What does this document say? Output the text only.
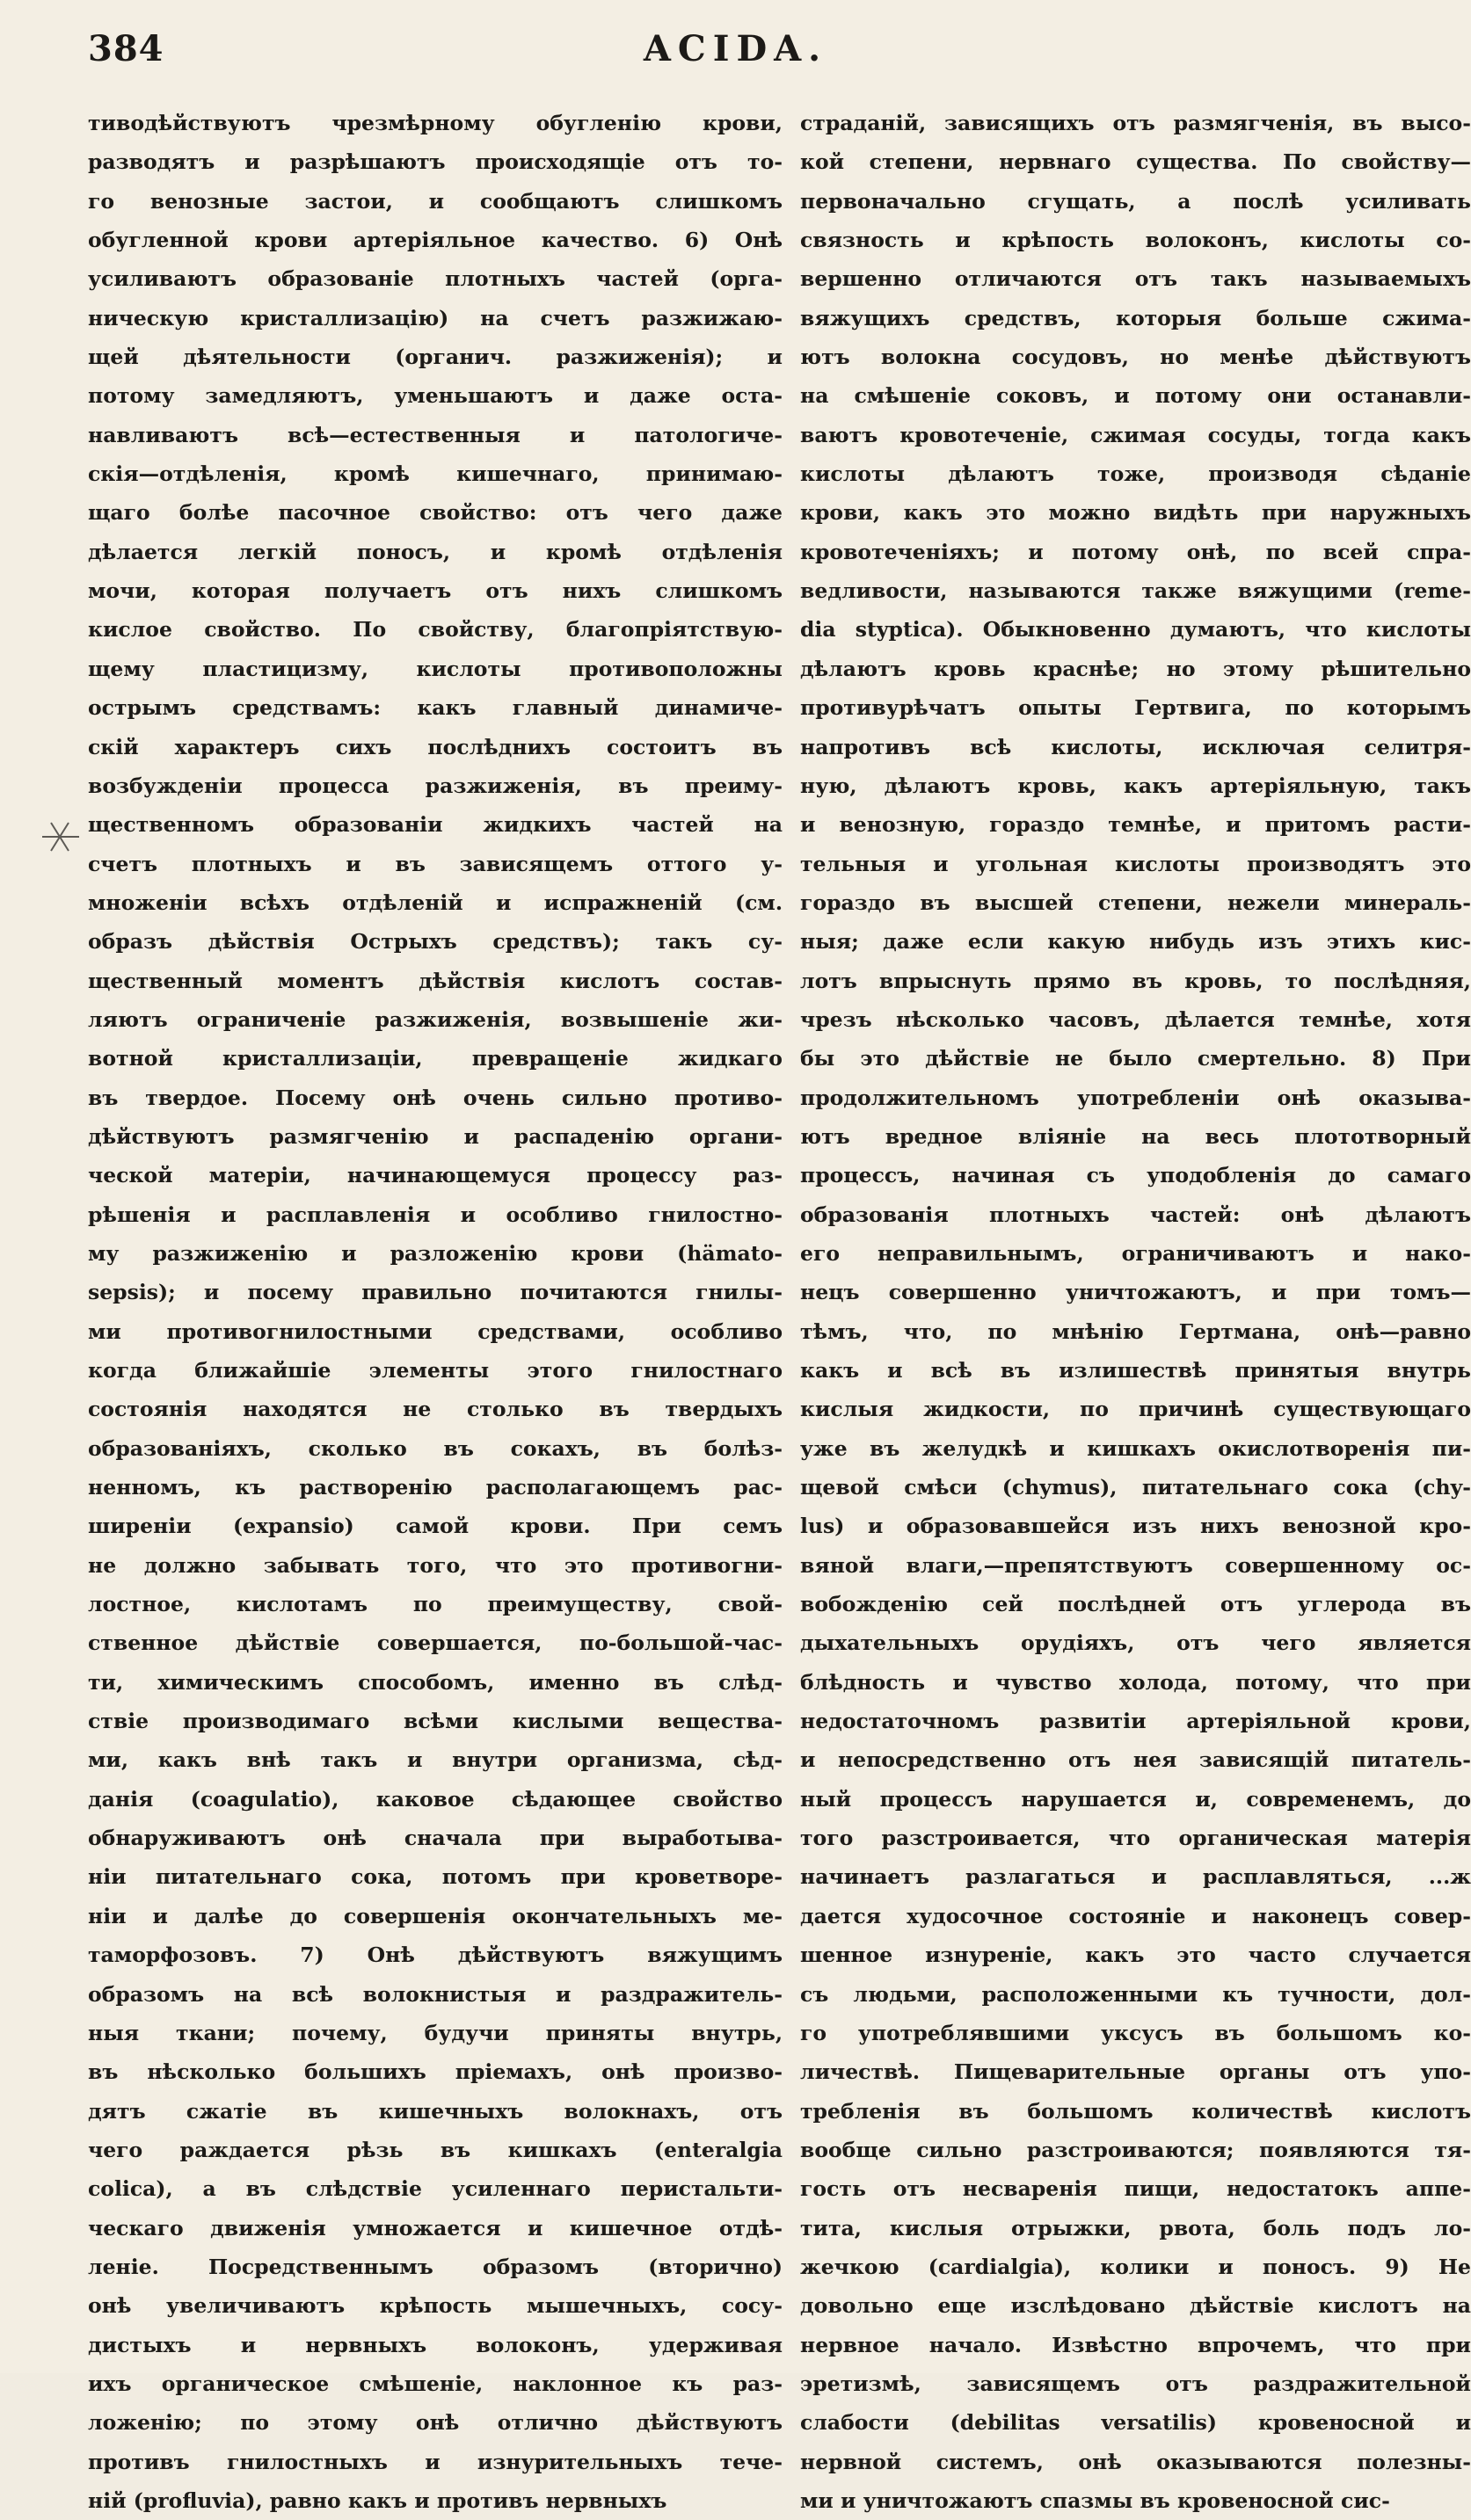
384	ACIDA.
тиводѣйствуютъ чрезмѣрному обугленію крови,
разводятъ и разрѣшаютъ происходящіе отъ то-
го венозные застои, и сообщаютъ слишкомъ
обугленной крови артеріяльное качество. 6) Онѣ
усиливаютъ образованіе плотныхъ частей (орга-
ническую кристаллизацію) на счетъ разжижаю-
щей дѣятельности (органич. разжиженія); и
потому замедляютъ, уменьшаютъ и даже оста-
навливаютъ всѣ—естественныя и патологиче-
скія—отдѣленія, кромѣ кишечнаго, принимаю-
щаго болѣе пасочное свойство: отъ чего даже
дѣлается легкій поносъ, и кромѣ отдѣленія
мочи, которая получаетъ отъ нихъ слишкомъ
кислое свойство. По свойству, благопріятствую-
щему пластицизму, кислоты противоположны
острымъ средствамъ: какъ главный динамиче-
скій характеръ сихъ послѣднихъ состоитъ въ
возбужденіи процесса разжиженія, въ преиму-
щественномъ образованіи жидкихъ частей на
счетъ плотныхъ и въ зависящемъ оттого у-
множеніи всѣхъ отдѣленій и испражненій (см.
образъ дѣйствія Острыхъ средствъ); такъ су-
щественный моментъ дѣйствія кислотъ состав-
ляютъ ограниченіе разжиженія, возвышеніе жи-
вотной кристаллизаціи, превращеніе жидкаго
въ твердое. Посему онѣ очень сильно противо-
дѣйствуютъ размягченію и распаденію органи-
ческой матеріи, начинающемуся процессу раз-
рѣшенія и расплавленія и особливо гнилостно-
му разжиженію и разложенію крови (hämato-
sepsis); и посему правильно почитаются гнилы-
ми противогнилостными средствами, особливо
когда ближайшіе элементы этого гнилостнаго
состоянія находятся не столько въ твердыхъ
образованіяхъ, сколько въ сокахъ, въ болѣз-
ненномъ, къ растворенію располагающемъ рас-
ширеніи (expansio) самой крови. При семъ
не должно забывать того, что это противогни-
лостное, кислотамъ по преимуществу, свой-
ственное дѣйствіе совершается, по-большой-час-
ти, химическимъ способомъ, именно въ слѣд-
ствіе производимаго всѣми кислыми вещества-
ми, какъ внѣ такъ и внутри организма, сѣд-
данія (coagulatio), каковое сѣдающее свойство
обнаруживаютъ онѣ сначала при выработыва-
ніи питательнаго сока, потомъ при кроветворе-
ніи и далѣе до совершенія окончательныхъ ме-
таморфозовъ. 7) Онѣ дѣйствуютъ вяжущимъ
образомъ на всѣ волокнистыя и раздражитель-
ныя ткани; почему, будучи приняты внутрь,
въ нѣсколько большихъ пріемахъ, онѣ произво-
дятъ сжатіе въ кишечныхъ волокнахъ, отъ
чего раждается рѣзь въ кишкахъ (enteralgia
colica), а въ слѣдствіе усиленнаго перистальти-
ческаго движенія умножается и кишечное отдѣ-
леніе. Посредственнымъ образомъ (вторично)
онѣ увеличиваютъ крѣпость мышечныхъ, сосу-
дистыхъ и нервныхъ волоконъ, удерживая
ихъ органическое смѣшеніе, наклонное къ раз-
ложенію; по этому онѣ отлично дѣйствуютъ
противъ гнилостныхъ и изнурительныхъ тече-
ній (profluvia), равно какъ и противъ нервныхъ
страданій, зависящихъ отъ размягченія, въ высо-
кой степени, нервнаго существа. По свойству—
первоначально сгущать, а послѣ усиливать
связность и крѣпость волоконъ, кислоты со-
вершенно отличаются отъ такъ называемыхъ
вяжущихъ средствъ, которыя больше сжима-
ютъ волокна сосудовъ, но менѣе дѣйствуютъ
на смѣшеніе соковъ, и потому они останавли-
ваютъ кровотеченіе, сжимая сосуды, тогда какъ
кислоты дѣлаютъ тоже, производя сѣданіе
крови, какъ это можно видѣть при наружныхъ
кровотеченіяхъ; и потому онѣ, по всей спра-
ведливости, называются также вяжущими (reme-
dia styptica). Обыкновенно думаютъ, что кислоты
дѣлаютъ кровь краснѣе; но этому рѣшительно
противурѣчатъ опыты Гертвига, по которымъ
напротивъ всѣ кислоты, исключая селитря-
ную, дѣлаютъ кровь, какъ артеріяльную, такъ
и венозную, гораздо темнѣе, и притомъ расти-
тельныя и угольная кислоты производятъ это
гораздо въ высшей степени, нежели минераль-
ныя; даже если какую нибудь изъ этихъ кис-
лотъ впрыснуть прямо въ кровь, то послѣдняя,
чрезъ нѣсколько часовъ, дѣлается темнѣе, хотя
бы это дѣйствіе не было смертельно. 8) При
продолжительномъ употребленіи онѣ оказыва-
ютъ вредное вліяніе на весь плототворный
процессъ, начиная съ уподобленія до самаго
образованія плотныхъ частей: онѣ дѣлаютъ
его неправильнымъ, ограничиваютъ и нако-
нецъ совершенно уничтожаютъ, и при томъ—
тѣмъ, что, по мнѣнію Гертмана, онѣ—равно
какъ и всѣ въ излишествѣ принятыя внутрь
кислыя жидкости, по причинѣ существующаго
уже въ желудкѣ и кишкахъ окислотворенія пи-
щевой смѣси (chymus), питательнаго сока (chy-
lus) и образовавшейся изъ нихъ венозной кро-
вяной влаги,—препятствуютъ совершенному ос-
вобожденію сей послѣдней отъ углерода въ
дыхательныхъ орудіяхъ, отъ чего является
блѣдность и чувство холода, потому, что при
недостаточномъ развитіи артеріяльной крови,
и непосредственно отъ нея зависящій питатель-
ный процессъ нарушается и, современемъ, до
того разстроивается, что органическая матерія
начинаетъ разлагаться и расплавляться, ...ж
дается худосочное состояніе и наконецъ совер-
шенное изнуреніе, какъ это часто случается
съ людьми, расположенными къ тучности, дол-
го употреблявшими уксусъ въ большомъ ко-
личествѣ. Пищеварительные органы отъ упо-
требленія въ большомъ количествѣ кислотъ
вообще сильно разстроиваются; появляются тя-
гость отъ несваренія пищи, недостатокъ аппе-
тита, кислыя отрыжки, рвота, боль подъ ло-
жечкою (cardialgia), колики и поносъ. 9) Не
довольно еще изслѣдовано дѣйствіе кислотъ на
нервное начало. Извѣстно впрочемъ, что при
эретизмѣ, зависящемъ отъ раздражительной
слабости (debilitas versatilis) кровеносной и
нервной системъ, онѣ оказываются полезны-
ми и уничтожаютъ спазмы въ кровеносной сис-
